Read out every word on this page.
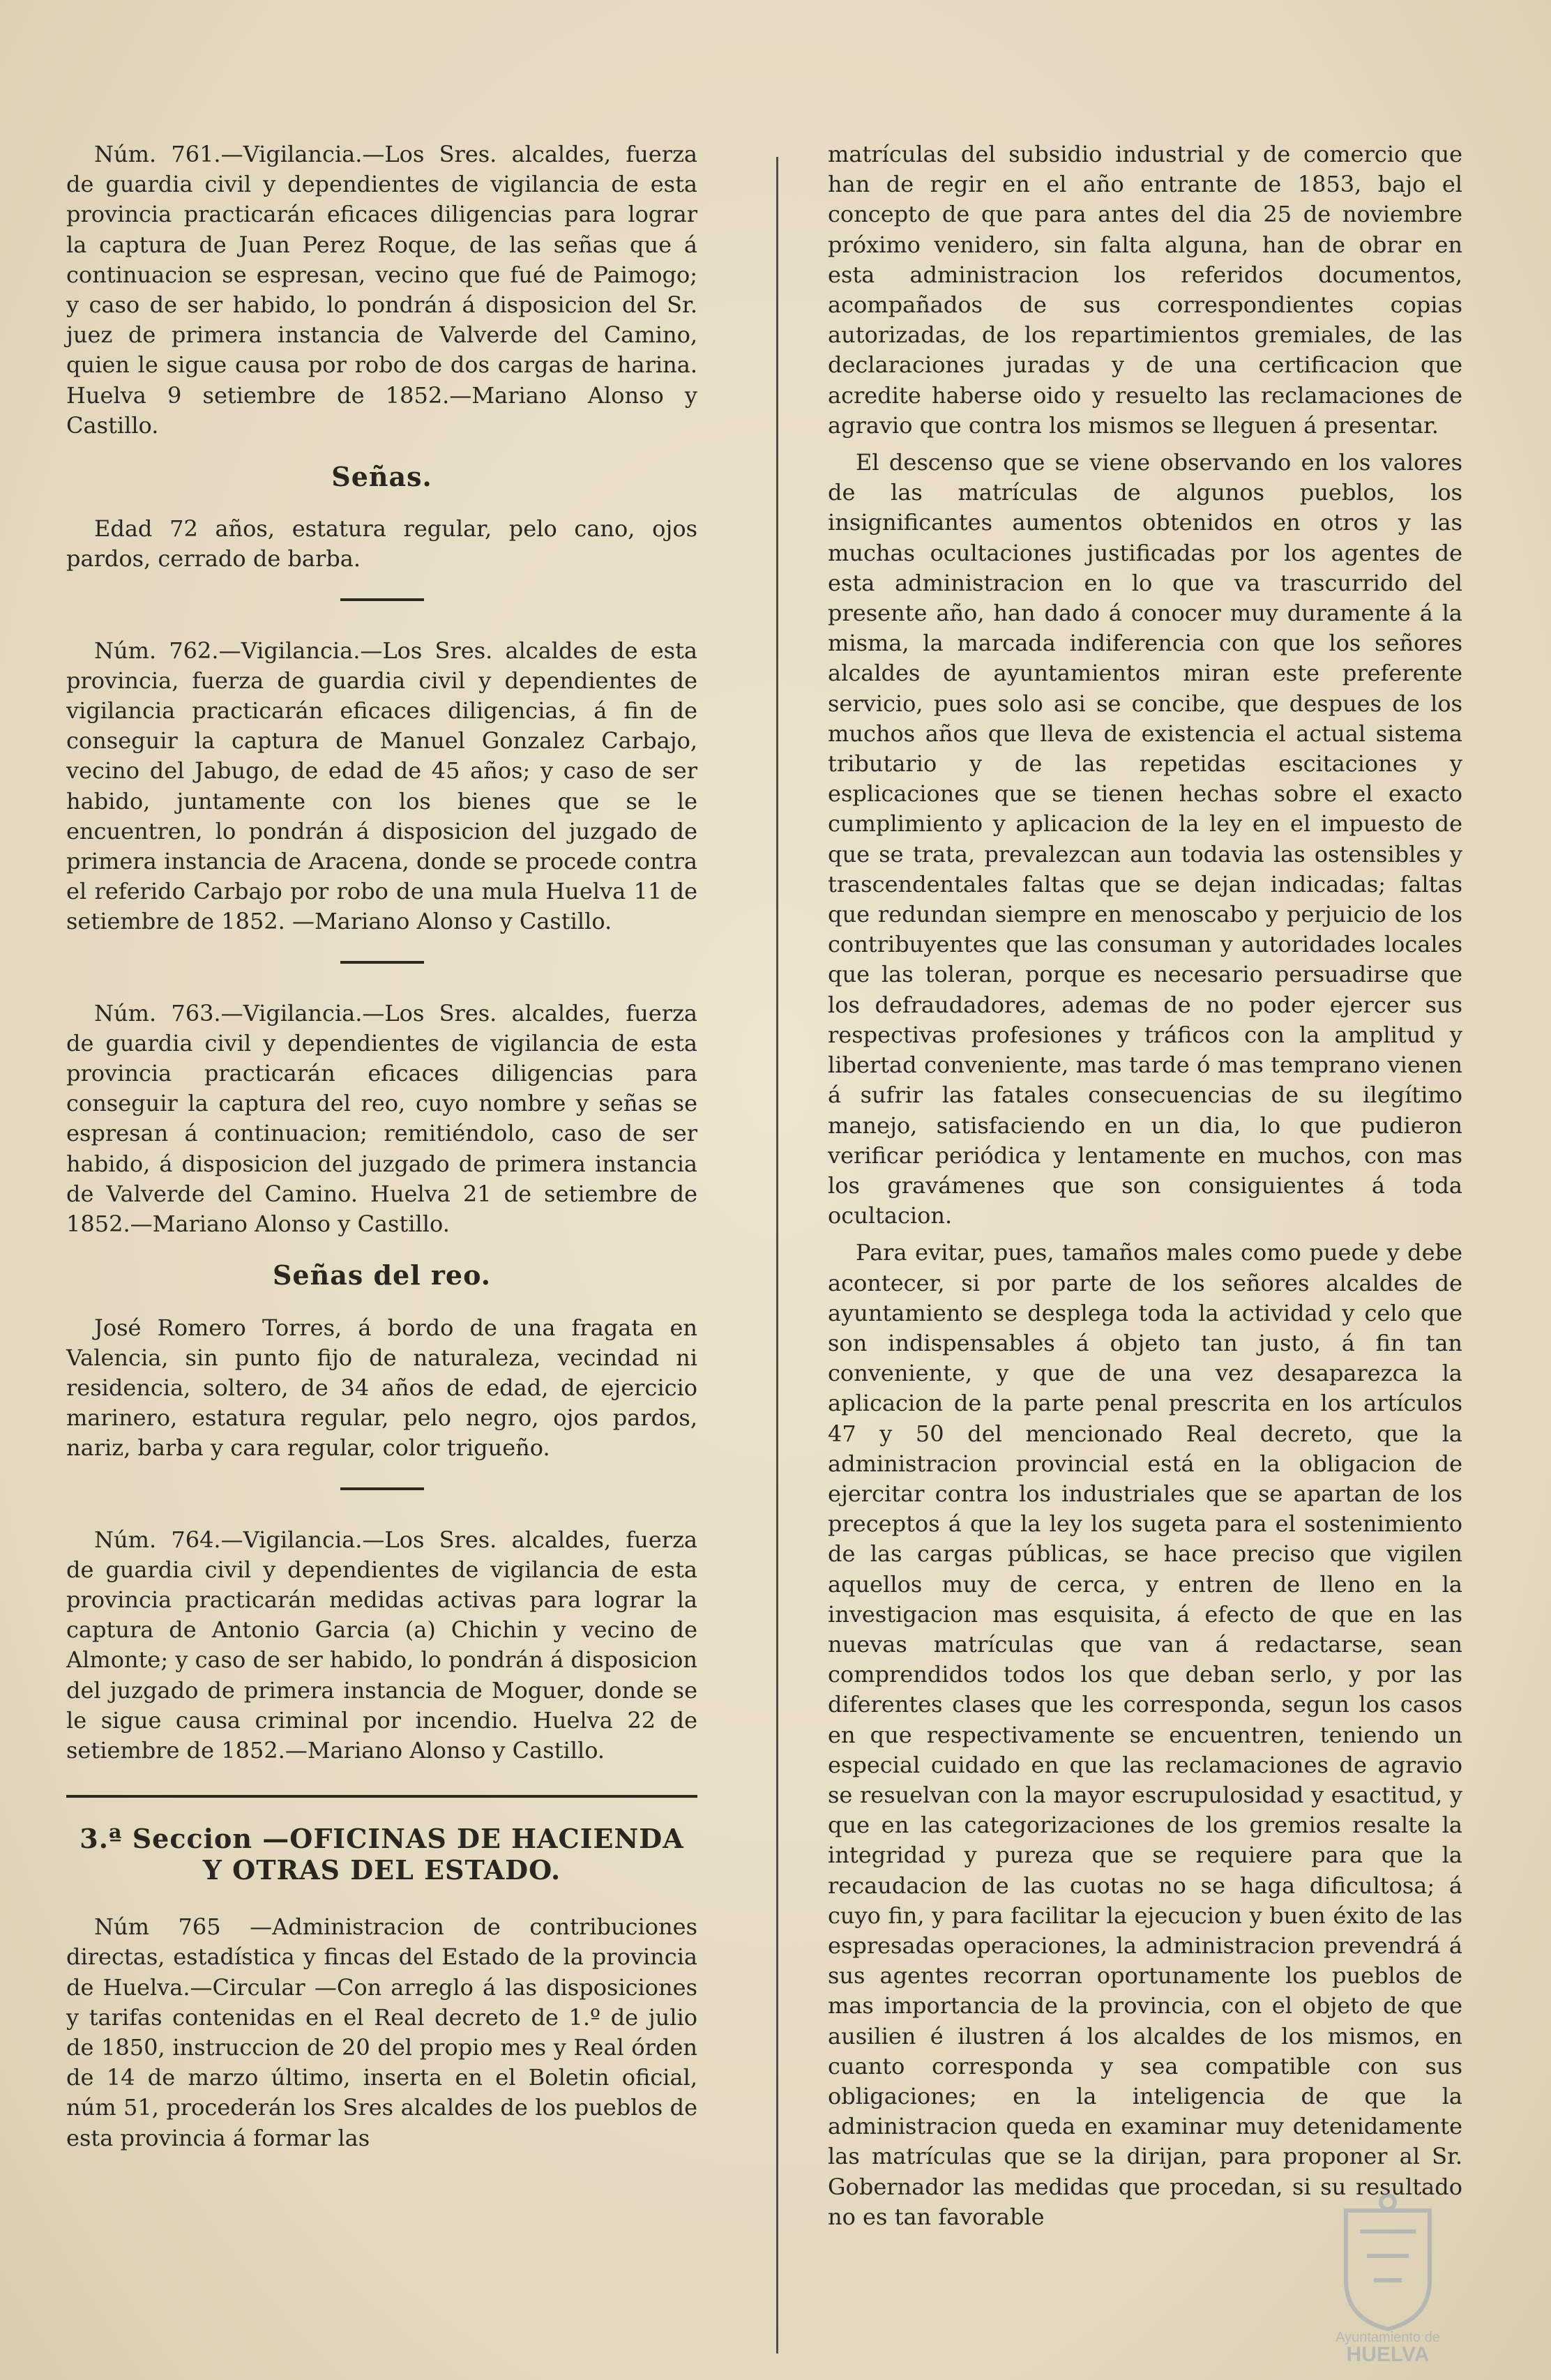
Núm. 761.—Vigilancia.—Los Sres. alcaldes, fuerza de guardia civil y dependientes de vigilancia de esta provincia practicarán eficaces diligencias para lograr la captura de Juan Perez Roque, de las señas que á continuacion se espresan, vecino que fué de Paimogo; y caso de ser habido, lo pondrán á disposicion del Sr. juez de primera instancia de Valverde del Camino, quien le sigue causa por robo de dos cargas de harina. Huelva 9 setiembre de 1852.—Mariano Alonso y Castillo.

Señas.

Edad 72 años, estatura regular, pelo cano, ojos pardos, cerrado de barba.

Núm. 762.—Vigilancia.—Los Sres. alcaldes de esta provincia, fuerza de guardia civil y dependientes de vigilancia practicarán eficaces diligencias, á fin de conseguir la captura de Manuel Gonzalez Carbajo, vecino del Jabugo, de edad de 45 años; y caso de ser habido, juntamente con los bienes que se le encuentren, lo pondrán á disposicion del juzgado de primera instancia de Aracena, donde se procede contra el referido Carbajo por robo de una mula Huelva 11 de setiembre de 1852. —Mariano Alonso y Castillo.

Núm. 763.—Vigilancia.—Los Sres. alcaldes, fuerza de guardia civil y dependientes de vigilancia de esta provincia practicarán eficaces diligencias para conseguir la captura del reo, cuyo nombre y señas se espresan á continuacion; remitiéndolo, caso de ser habido, á disposicion del juzgado de primera instancia de Valverde del Camino. Huelva 21 de setiembre de 1852.—Mariano Alonso y Castillo.

Señas del reo.

José Romero Torres, á bordo de una fragata en Valencia, sin punto fijo de naturaleza, vecindad ni residencia, soltero, de 34 años de edad, de ejercicio marinero, estatura regular, pelo negro, ojos pardos, nariz, barba y cara regular, color trigueño.

Núm. 764.—Vigilancia.—Los Sres. alcaldes, fuerza de guardia civil y dependientes de vigilancia de esta provincia practicarán medidas activas para lograr la captura de Antonio Garcia (a) Chichin y vecino de Almonte; y caso de ser habido, lo pondrán á disposicion del juzgado de primera instancia de Moguer, donde se le sigue causa criminal por incendio. Huelva 22 de setiembre de 1852.—Mariano Alonso y Castillo.

3.ª Seccion —OFICINAS DE HACIENDA Y OTRAS DEL ESTADO.

Núm 765 —Administracion de contribuciones directas, estadística y fincas del Estado de la provincia de Huelva.—Circular —Con arreglo á las disposiciones y tarifas contenidas en el Real decreto de 1.º de julio de 1850, instruccion de 20 del propio mes y Real órden de 14 de marzo último, inserta en el Boletin oficial, núm 51, procederán los Sres alcaldes de los pueblos de esta provincia á formar las

matrículas del subsidio industrial y de comercio que han de regir en el año entrante de 1853, bajo el concepto de que para antes del dia 25 de noviembre próximo venidero, sin falta alguna, han de obrar en esta administracion los referidos documentos, acompañados de sus correspondientes copias autorizadas, de los repartimientos gremiales, de las declaraciones juradas y de una certificacion que acredite haberse oido y resuelto las reclamaciones de agravio que contra los mismos se lleguen á presentar.

El descenso que se viene observando en los valores de las matrículas de algunos pueblos, los insignificantes aumentos obtenidos en otros y las muchas ocultaciones justificadas por los agentes de esta administracion en lo que va trascurrido del presente año, han dado á conocer muy duramente á la misma, la marcada indiferencia con que los señores alcaldes de ayuntamientos miran este preferente servicio, pues solo asi se concibe, que despues de los muchos años que lleva de existencia el actual sistema tributario y de las repetidas escitaciones y esplicaciones que se tienen hechas sobre el exacto cumplimiento y aplicacion de la ley en el impuesto de que se trata, prevalezcan aun todavia las ostensibles y trascendentales faltas que se dejan indicadas; faltas que redundan siempre en menoscabo y perjuicio de los contribuyentes que las consuman y autoridades locales que las toleran, porque es necesario persuadirse que los defraudadores, ademas de no poder ejercer sus respectivas profesiones y tráficos con la amplitud y libertad conveniente, mas tarde ó mas temprano vienen á sufrir las fatales consecuencias de su ilegítimo manejo, satisfaciendo en un dia, lo que pudieron verificar periódica y lentamente en muchos, con mas los gravámenes que son consiguientes á toda ocultacion.

Para evitar, pues, tamaños males como puede y debe acontecer, si por parte de los señores alcaldes de ayuntamiento se desplega toda la actividad y celo que son indispensables á objeto tan justo, á fin tan conveniente, y que de una vez desaparezca la aplicacion de la parte penal prescrita en los artículos 47 y 50 del mencionado Real decreto, que la administracion provincial está en la obligacion de ejercitar contra los industriales que se apartan de los preceptos á que la ley los sugeta para el sostenimiento de las cargas públicas, se hace preciso que vigilen aquellos muy de cerca, y entren de lleno en la investigacion mas esquisita, á efecto de que en las nuevas matrículas que van á redactarse, sean comprendidos todos los que deban serlo, y por las diferentes clases que les corresponda, segun los casos en que respectivamente se encuentren, teniendo un especial cuidado en que las reclamaciones de agravio se resuelvan con la mayor escrupulosidad y esactitud, y que en las categorizaciones de los gremios resalte la integridad y pureza que se requiere para que la recaudacion de las cuotas no se haga dificultosa; á cuyo fin, y para facilitar la ejecucion y buen éxito de las espresadas operaciones, la administracion prevendrá á sus agentes recorran oportunamente los pueblos de mas importancia de la provincia, con el objeto de que ausilien é ilustren á los alcaldes de los mismos, en cuanto corresponda y sea compatible con sus obligaciones; en la inteligencia de que la administracion queda en examinar muy detenidamente las matrículas que se la dirijan, para proponer al Sr. Gobernador las medidas que procedan, si su resultado no es tan favorable

Ayuntamiento de
HUELVA
